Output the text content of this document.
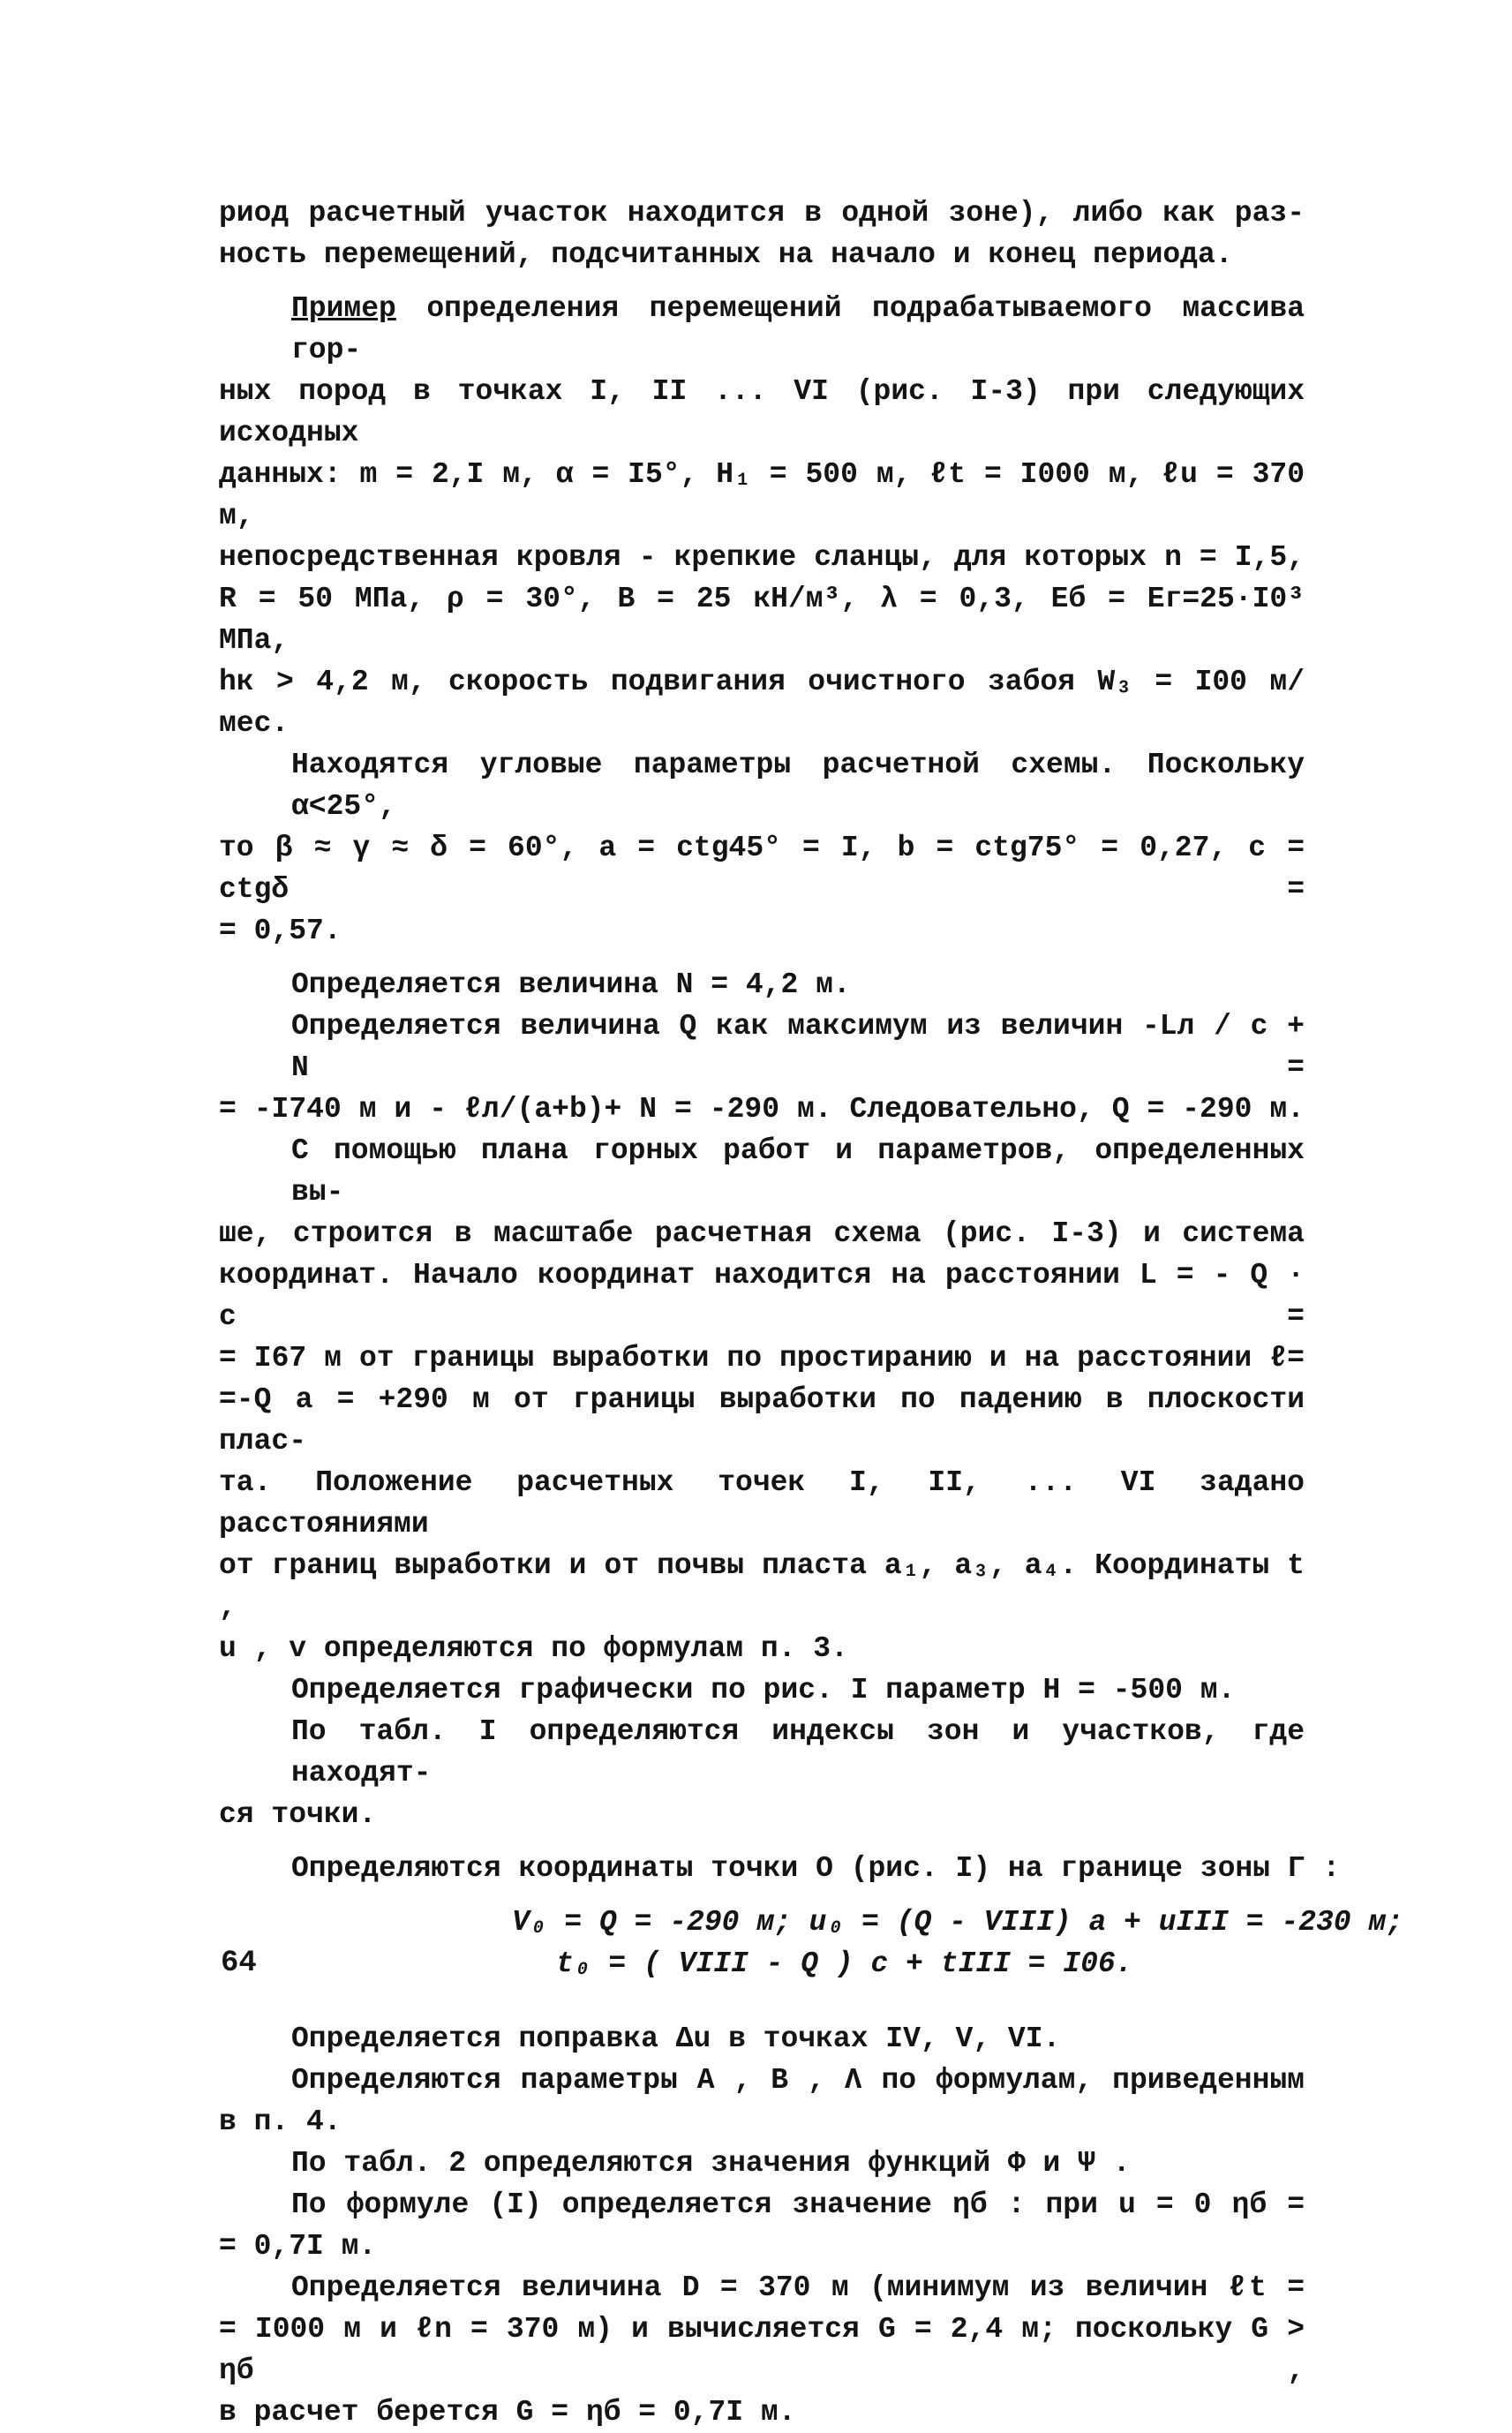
риод расчетный участок находится в одной зоне), либо как раз-

ность перемещений, подсчитанных на начало и конец периода.

Пример определения перемещений подрабатываемого массива гор-

ных пород в точках I, II ... VI (рис. I-3) при следующих исходных

данных: m = 2,I м, α = I5°, H₁ = 500 м, ℓt = I000 м, ℓu = 370 м,

непосредственная кровля - крепкие сланцы, для которых n = I,5,

R = 50 МПа, ρ = 30°, B = 25 кН/м³, λ = 0,3, Eб = Eг=25·I0³ МПа,

hк > 4,2 м, скорость подвигания очистного забоя W₃ = I00 м/мес.

Находятся угловые параметры расчетной схемы. Поскольку α<25°,

то β ≈ γ ≈ δ = 60°, a = ctg45° = I, b = ctg75° = 0,27, c = ctgδ =

= 0,57.

Определяется величина N = 4,2 м.

Определяется величина Q как максимум из величин -Lл / c + N =

= -I740 м и - ℓл/(a+b)+ N = -290 м. Следовательно, Q = -290 м.

С помощью плана горных работ и параметров, определенных вы-

ше, строится в масштабе расчетная схема (рис. I-3) и система

координат. Начало координат находится на расстоянии L = - Q · c =

= I67 м от границы выработки по простиранию и на расстоянии ℓ=

=-Q a = +290 м от границы выработки по падению в плоскости плас-

та. Положение расчетных точек I, II, ... VI задано расстояниями

от границ выработки и от почвы пласта a₁, a₃, a₄. Координаты t ,

u , v определяются по формулам п. 3.

Определяется графически по рис. I параметр H = -500 м.

По табл. I определяются индексы зон и участков, где находят-

ся точки.

Определяются координаты точки O (рис. I) на границе зоны Г :

V₀ = Q = -290 м; u₀ = (Q - VIII) a + uIII = -230 м;

t₀ = ( VIII - Q ) c + tIII = I06.

Определяется поправка Δu в точках IV, V, VI.

Определяются параметры A , B , Λ по формулам, приведенным

в п. 4.

По табл. 2 определяются значения функций Φ и Ψ .

По формуле (I) определяется значение ηб : при u = 0 ηб =

= 0,7I м.

Определяется величина D = 370 м (минимум из величин ℓt =

= I000 м и ℓn = 370 м) и вычисляется G = 2,4 м; поскольку G > ηб ,

в расчет берется G = ηб = 0,7I м.

64
